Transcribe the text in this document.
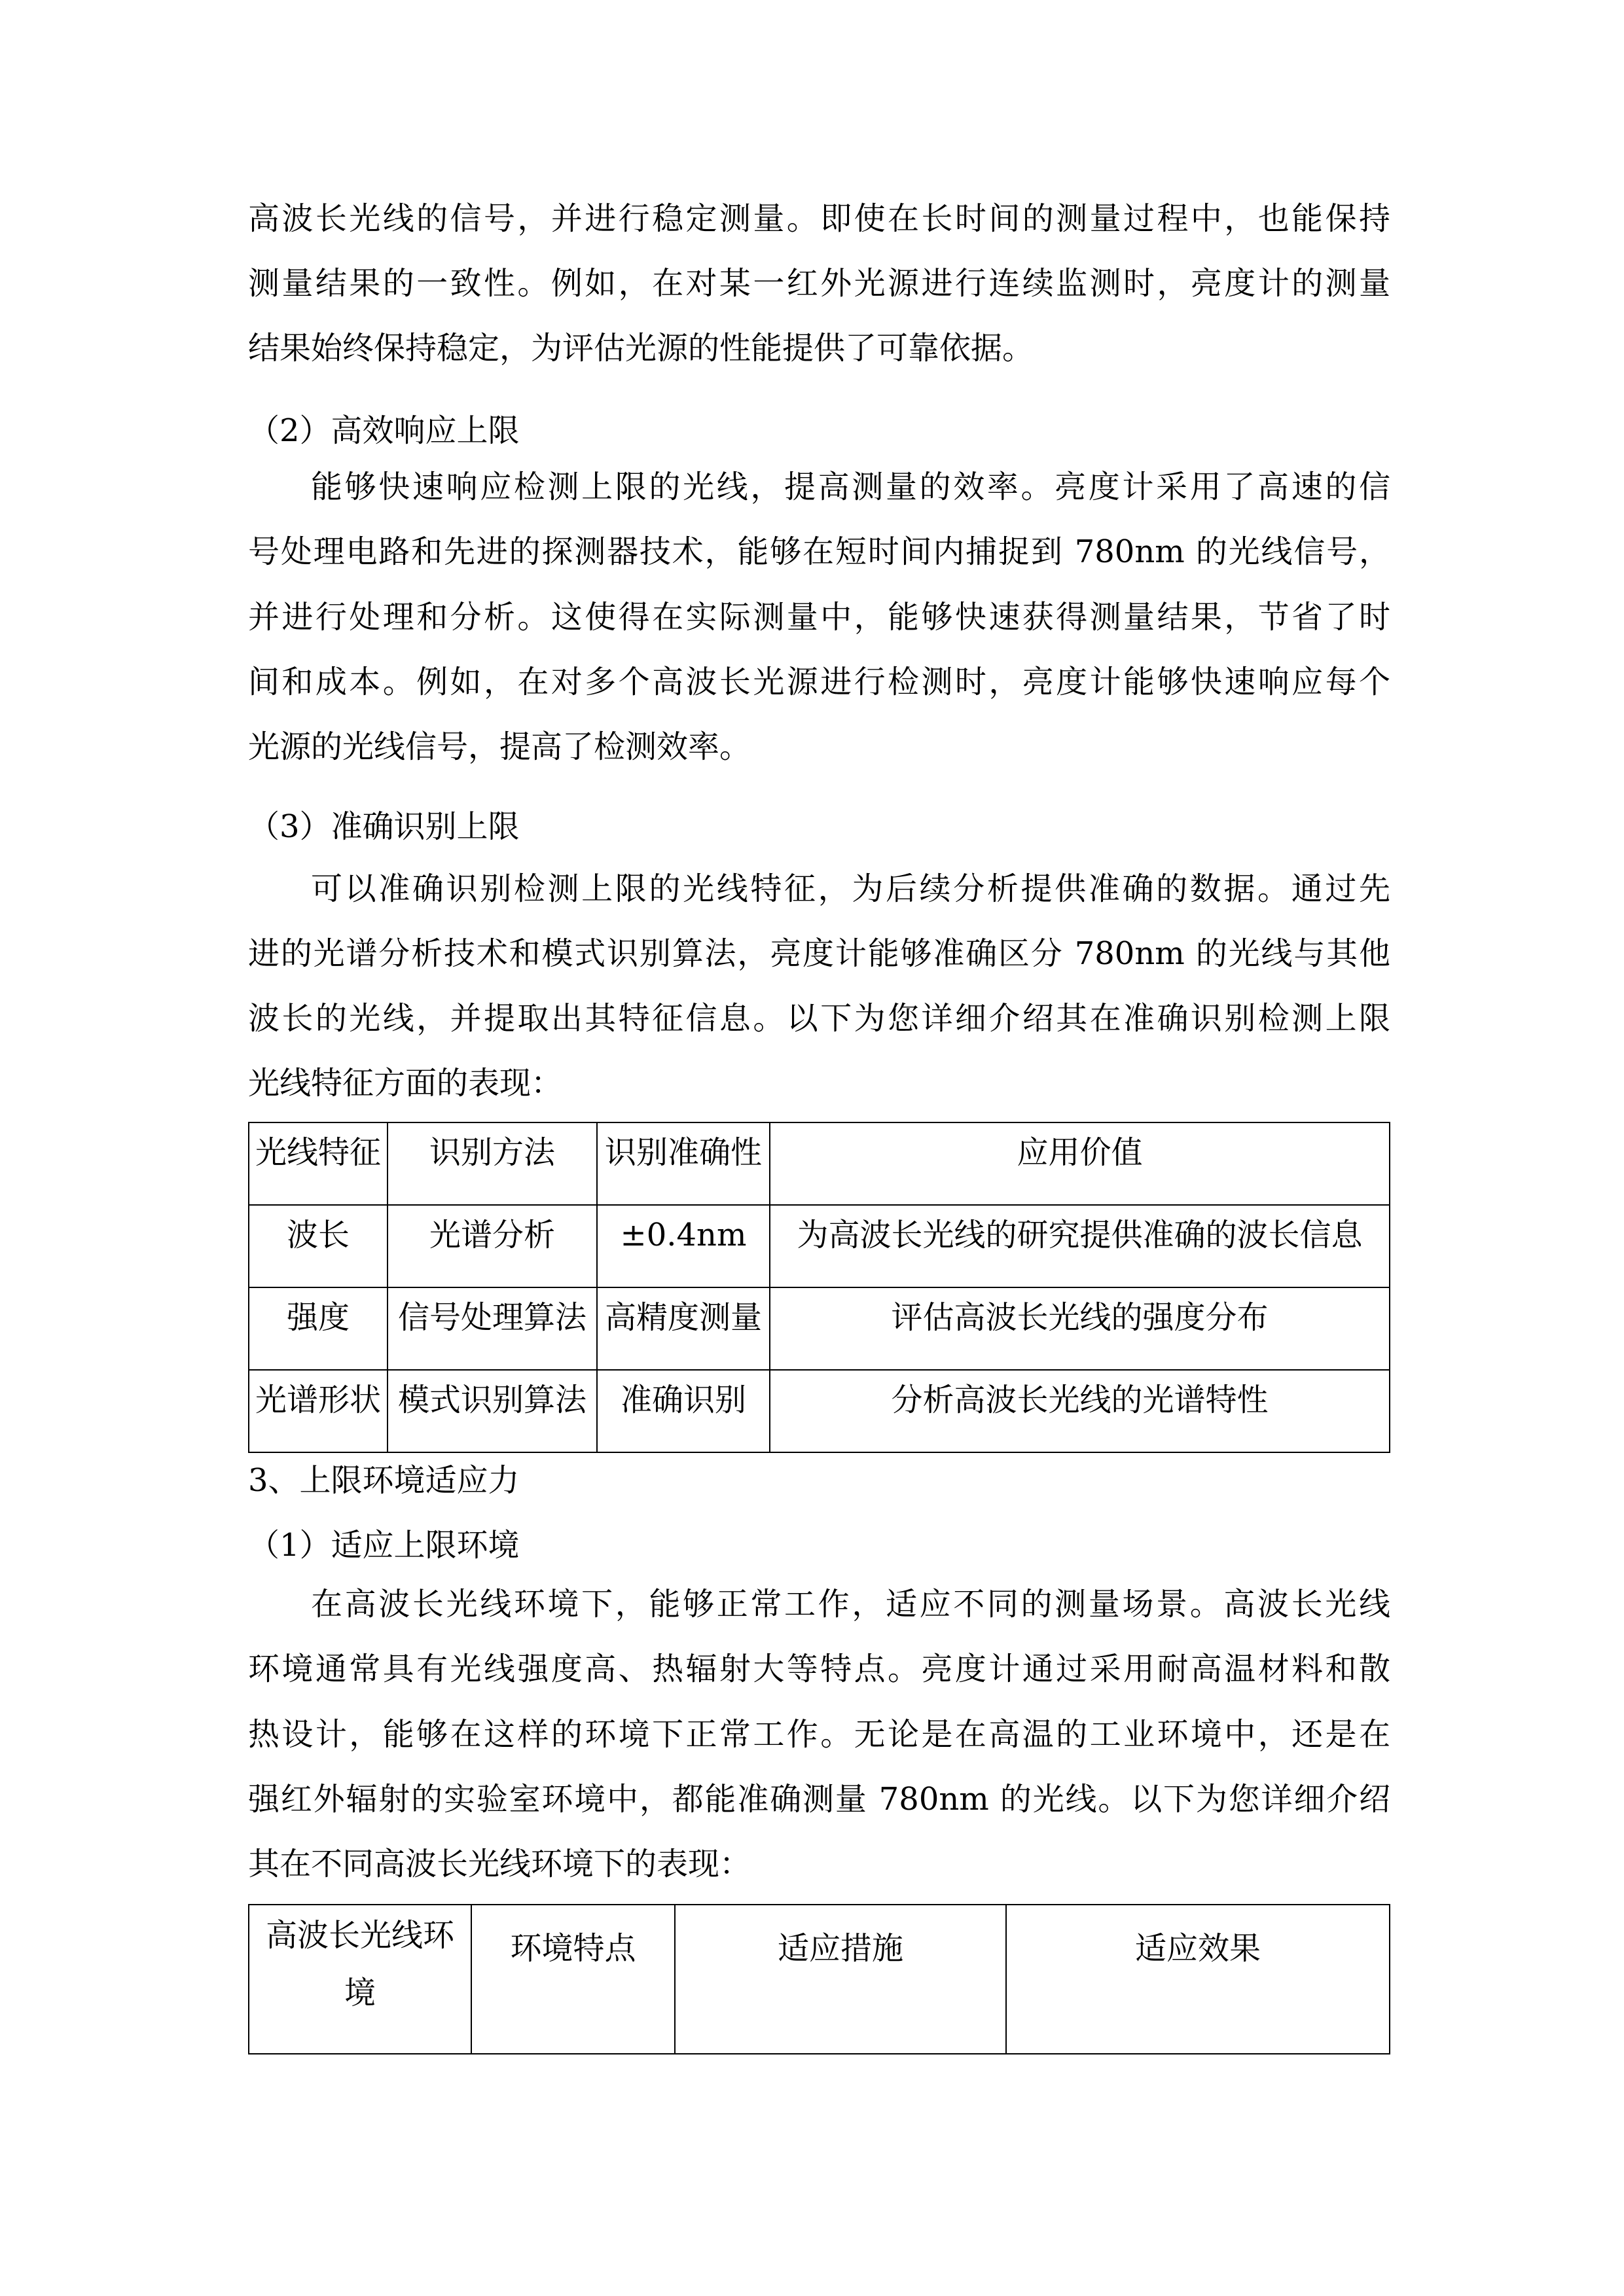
高波长光线的信号，并进行稳定测量。即使在长时间的测量过程中，也能保持
测量结果的一致性。例如，在对某一红外光源进行连续监测时，亮度计的测量
结果始终保持稳定，为评估光源的性能提供了可靠依据。
（2）高效响应上限
能够快速响应检测上限的光线，提高测量的效率。亮度计采用了高速的信
号处理电路和先进的探测器技术，能够在短时间内捕捉到 780nm 的光线信号，
并进行处理和分析。这使得在实际测量中，能够快速获得测量结果，节省了时
间和成本。例如，在对多个高波长光源进行检测时，亮度计能够快速响应每个
光源的光线信号，提高了检测效率。
（3）准确识别上限
可以准确识别检测上限的光线特征，为后续分析提供准确的数据。通过先
进的光谱分析技术和模式识别算法，亮度计能够准确区分 780nm 的光线与其他
波长的光线，并提取出其特征信息。以下为您详细介绍其在准确识别检测上限
光线特征方面的表现：
光线特征	识别方法	识别准确性	应用价值
波长	光谱分析	±0.4nm	为高波长光线的研究提供准确的波长信息
强度	信号处理算法	高精度测量	评估高波长光线的强度分布
光谱形状	模式识别算法	准确识别	分析高波长光线的光谱特性
3、上限环境适应力
（1）适应上限环境
在高波长光线环境下，能够正常工作，适应不同的测量场景。高波长光线
环境通常具有光线强度高、热辐射大等特点。亮度计通过采用耐高温材料和散
热设计，能够在这样的环境下正常工作。无论是在高温的工业环境中，还是在
强红外辐射的实验室环境中，都能准确测量 780nm 的光线。以下为您详细介绍
其在不同高波长光线环境下的表现：
高波长光线环境	环境特点	适应措施	适应效果
